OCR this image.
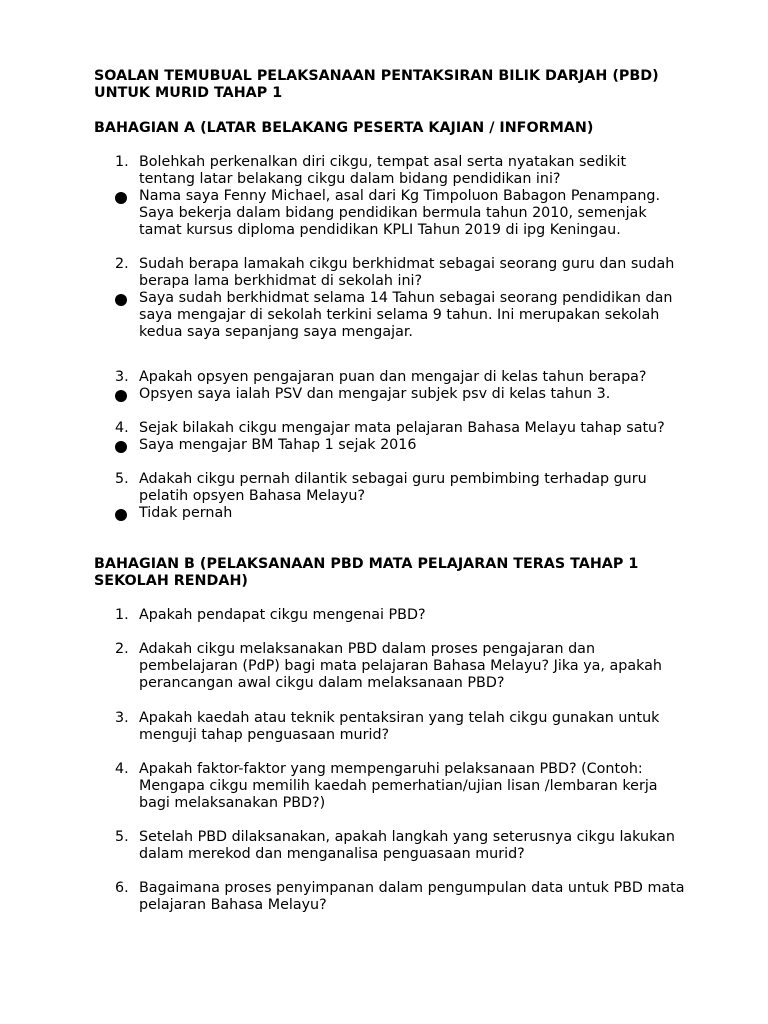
SOALAN TEMUBUAL PELAKSANAAN PENTAKSIRAN BILIK DARJAH (PBD)
UNTUK MURID TAHAP 1
BAHAGIAN A (LATAR BELAKANG PESERTA KAJIAN / INFORMAN)
1. Bolehkah perkenalkan diri cikgu, tempat asal serta nyatakan sedikit
tentang latar belakang cikgu dalam bidang pendidikan ini?
Nama saya Fenny Michael, asal dari Kg Timpoluon Babagon Penampang.
Saya bekerja dalam bidang pendidikan bermula tahun 2010, semenjak
tamat kursus diploma pendidikan KPLI Tahun 2019 di ipg Keningau.
2. Sudah berapa lamakah cikgu berkhidmat sebagai seorang guru dan sudah
berapa lama berkhidmat di sekolah ini?
Saya sudah berkhidmat selama 14 Tahun sebagai seorang pendidikan dan
saya mengajar di sekolah terkini selama 9 tahun. Ini merupakan sekolah
kedua saya sepanjang saya mengajar.
3. Apakah opsyen pengajaran puan dan mengajar di kelas tahun berapa?
Opsyen saya ialah PSV dan mengajar subjek psv di kelas tahun 3.
4. Sejak bilakah cikgu mengajar mata pelajaran Bahasa Melayu tahap satu?
Saya mengajar BM Tahap 1 sejak 2016
5. Adakah cikgu pernah dilantik sebagai guru pembimbing terhadap guru
pelatih opsyen Bahasa Melayu?
Tidak pernah
BAHAGIAN B (PELAKSANAAN PBD MATA PELAJARAN TERAS TAHAP 1
SEKOLAH RENDAH)
1. Apakah pendapat cikgu mengenai PBD?
2. Adakah cikgu melaksanakan PBD dalam proses pengajaran dan
pembelajaran (PdP) bagi mata pelajaran Bahasa Melayu? Jika ya, apakah
perancangan awal cikgu dalam melaksanaan PBD?
3. Apakah kaedah atau teknik pentaksiran yang telah cikgu gunakan untuk
menguji tahap penguasaan murid?
4. Apakah faktor-faktor yang mempengaruhi pelaksanaan PBD? (Contoh:
Mengapa cikgu memilih kaedah pemerhatian/ujian lisan /lembaran kerja
bagi melaksanakan PBD?)
5. Setelah PBD dilaksanakan, apakah langkah yang seterusnya cikgu lakukan
dalam merekod dan menganalisa penguasaan murid?
6. Bagaimana proses penyimpanan dalam pengumpulan data untuk PBD mata
pelajaran Bahasa Melayu?
